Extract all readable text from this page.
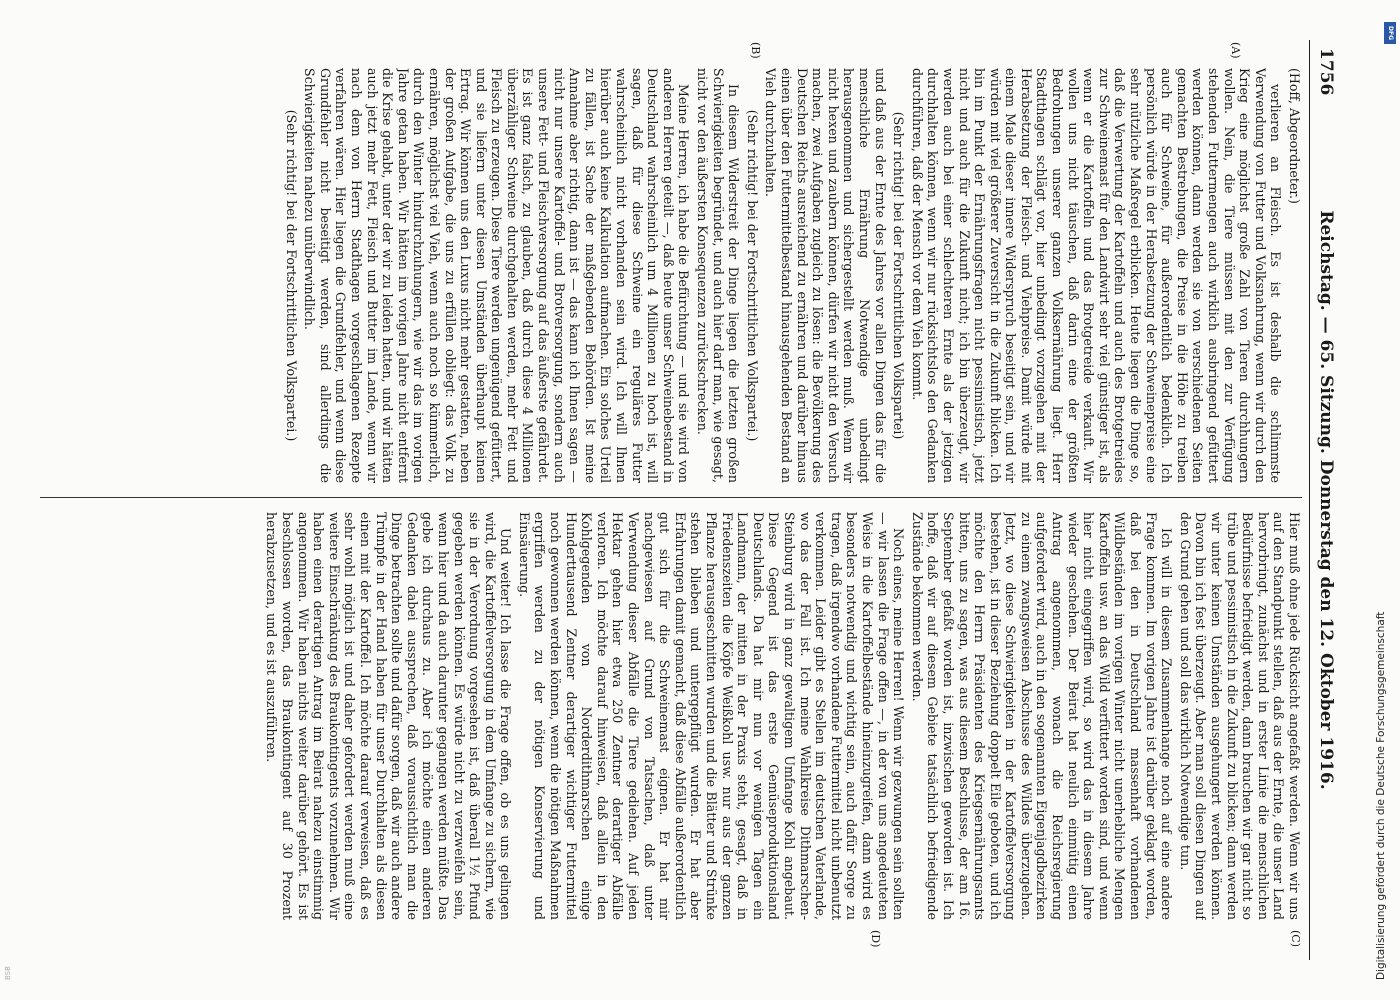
1756
Reichstag. — 65. Sitzung. Donnerstag den 12. Oktober 1916.
(A)
(B)
(C)
(D)

(Hoff, Abgeordneter.)

verlieren an Fleisch. Es ist deshalb die schlimmste Verwendung von Futter und Volksnahrung, wenn wir durch den Krieg eine möglichst große Zahl von Tieren durchhungern wollen. Nein, die Tiere müssen mit den zur Verfügung stehenden Futtermengen auch wirklich ausbringend gefüttert werden können, dann werden sie von verschiedenen Seiten gemachten Bestrebungen, die Preise in die Höhe zu treiben auch für Schweine, für außerordentlich bedenklich. Ich persönlich würde in der Herabsetzung der Schweinepreise eine sehr nützliche Maßregel erblicken. Heute liegen die Dinge so, daß die Verwertung der Kartoffeln und auch des Brotgetreides zur Schweinemast für den Landwirt sehr viel günstiger ist, als wenn er die Kartoffeln und das Brotgetreide verkauft. Wir wollen uns nicht täuschen, daß darin eine der größten Bedrohungen unserer ganzen Volksernährung liegt. Herr Stadtthagen schlägt vor, hier unbedingt vorzugehen mit der Herabsetzung der Fleisch- und Viehpreise. Damit würde mit einem Male dieser innere Widerspruch beseitigt sein, und wir würden mit viel größerer Zuversicht in die Zukunft blicken. Ich bin im Punkt der Ernährungsfragen nicht pessimistisch, jetzt nicht und auch für die Zukunft nicht; ich bin überzeugt, wir werden auch bei einer schlechteren Ernte als der jetzigen durchhalten können, wenn wir nur rücksichtslos den Gedanken durchführen, daß der Mensch vor dem Vieh kommt.

(Sehr richtig! bei der Fortschrittlichen Volkspartei)

und daß aus der Ernte des Jahres vor allen Dingen das für die menschliche Ernährung Notwendige unbedingt herausgenommen und sichergestellt werden muß. Wenn wir nicht hexen und zaubern können, dürfen wir nicht den Versuch machen, zwei Aufgaben zugleich zu lösen: die Bevölkerung des Deutschen Reichs ausreichend zu ernähren und darüber hinaus einen über den Futtermittelbestand hinausgehenden Bestand an Vieh durchzuhalten.

(Sehr richtig! bei der Fortschrittlichen Volkspartei.)

In diesem Widerstreit der Dinge liegen die letzten großen Schwierigkeiten begründet, und auch hier darf man, wie gesagt, nicht vor den äußersten Konsequenzen zurückschrecken.

Meine Herren, ich habe die Befürchtung — und sie wird von anderen Herren geteilt —, daß heute unser Schweinebestand in Deutschland wahrscheinlich um 4 Millionen zu hoch ist, will sagen, daß für diese Schweine ein reguläres Futter wahrscheinlich nicht vorhanden sein wird. Ich will Ihnen hierüber auch keine Kalkulation aufmachen. Ein solches Urteil zu fällen, ist Sache der maßgebenden Behörden. Ist meine Annahme aber richtig, dann ist — das kann ich Ihnen sagen — nicht nur unsere Kartoffel- und Brotversorgung, sondern auch unsere Fett- und Fleischversorgung auf das äußerste gefährdet. Es ist ganz falsch, zu glauben, daß durch diese 4 Millionen überzähliger Schweine durchgehalten werden, mehr Fett und Fleisch zu erzeugen. Diese Tiere werden ungenügend gefüttert, und sie liefern unter diesen Umständen überhaupt keinen Ertrag. Wir können uns den Luxus nicht mehr gestatten, neben der großen Aufgabe, die uns zu erfüllen obliegt: das Volk zu ernähren, möglichst viel Vieh, wenn auch noch so kümmerlich, durch den Winter hindurchzuhungern, wie wir das im vorigen Jahre getan haben. Wir hätten im vorigen Jahre nicht entfernt die Krise gehabt, unter der wir zu leiden hatten, und wir hätten auch jetzt mehr Fett, Fleisch und Butter im Lande, wenn wir nach dem von Herrn Stadthagen vorgeschlagenen Rezepte verfahren wären. Hier liegen die Grundfehler, und wenn diese Grundfehler nicht beseitigt werden, sind allerdings die Schwierigkeiten nahezu unüberwindlich.

(Sehr richtig! bei der Fortschrittlichen Volkspartei.)

Hier muß ohne jede Rücksicht angefaßt werden. Wenn wir uns auf den Standpunkt stellen, daß aus der Ernte, die unser Land hervorbringt, zunächst und in erster Linie die menschlichen Bedürfnisse befriedigt werden, dann brauchen wir gar nicht so trübe und pessimistisch in die Zukunft zu blicken; dann werden wir unter keinen Umständen ausgehungert werden können. Davon bin ich fest überzeugt. Aber man soll diesen Dingen auf den Grund gehen und soll das wirklich Notwendige tun.

Ich will in diesem Zusammenhange noch auf eine andere Frage kommen. Im vorigen Jahre ist darüber geklagt worden, daß bei den in Deutschland massenhaft vorhandenen Wildbeständen im vorigen Winter nicht unerhebliche Mengen Kartoffeln usw. an das Wild verfüttert worden sind, und wenn hier nicht eingegriffen wird, so wird das in diesem Jahre wieder geschehen. Der Beirat hat neulich einmütig einen Antrag angenommen, wonach die Reichsregierung aufgefordert wird, auch in den sogenannten Eigenjagdbezirken zu einem zwangsweisen Abschusse des Wildes überzugehen. Jetzt, wo diese Schwierigkeiten in der Kartoffelversorgung bestehen, ist in dieser Beziehung doppelt Eile geboten, und ich möchte den Herrn Präsidenten des Kriegsernährungsamts bitten, uns zu sagen, was aus diesem Beschlusse, der am 16. September gefaßt worden ist, inzwischen geworden ist. Ich hoffe, daß wir auf diesem Gebiete tatsächlich befriedigende Zustände bekommen werden.

Noch eines, meine Herren! Wenn wir gezwungen sein sollten — wir lassen die Frage offen —, in der von uns angedeuteten Weise in die Kartoffelbestände hineinzugreifen, dann wird es besonders notwendig und wichtig sein, auch dafür Sorge zu tragen, daß irgendwo vorhandene Futtermittel nicht unbenutzt verkommen. Leider gibt es Stellen im deutschen Vaterlande, wo das der Fall ist. Ich meine Wahlkreise Dithmarschen-Steinburg wird in ganz gewaltigem Umfange Kohl angebaut. Diese Gegend ist das erste Gemüseproduktionsland Deutschlands. Da hat mir nun vor wenigen Tagen ein Landmann, der mitten in der Praxis steht, gesagt, daß in Friedenszeiten die Köpfe Weißkohl usw. nur aus der ganzen Pflanze herausgeschnitten wurden und die Blätter und Strünke stehen blieben und untergepflügt wurden. Er hat aber Erfahrungen damit gemacht, daß diese Abfälle außerordentlich gut sich für die Schweinemast eignen. Er hat mir nachgewiesen auf Grund von Tatsachen, daß unter Verwendung dieser Abfälle die Tiere gediehen. Auf jeden Hektar gehen hier etwa 250 Zentner derartiger Abfälle verloren. Ich möchte darauf hinweisen, daß allein in den Kohlgegenden von Norderdithmarschen einige Hunderttausend Zentner derartiger wichtiger Futtermittel noch gewonnen werden können, wenn die nötigen Maßnahmen ergriffen werden zu der nötigen Konservierung und Einsäuerung.

Und weiter! Ich lasse die Frage offen, ob es uns gelingen wird, die Kartoffelversorgung in dem Umfange zu sichern, wie sie in der Verordnung vorgesehen ist, daß überall 1½ Pfund gegeben werden können. Es würde nicht zu verzweifeln sein, wenn hier und da auch darunter gegangen werden müßte. Das gebe ich durchaus zu. Aber ich möchte einen anderen Gedanken dabei aussprechen, daß voraussichtlich man die Dinge betrachten sollte und dafür sorgen, daß wir auch andere Trümpfe in der Hand haben für unser Durchhalten als diesen einen mit der Kartoffel. Ich möchte darauf verweisen, daß es sehr wohl möglich ist und daher gefordert werden muß eine weitere Einschränkung des Braukontingents vorzunehmen. Wir haben einen derartigen Antrag im Beirat nahezu einstimmig angenommen. Wir haben nichts weiter darüber gehört. Es ist beschlossen worden, das Braukontingent auf 30 Prozent herabzusetzen, und es ist auszuführen.	Digitalisierung gefördert durch die Deutsche Forschungsgemeinschaft
DFG
BSB
